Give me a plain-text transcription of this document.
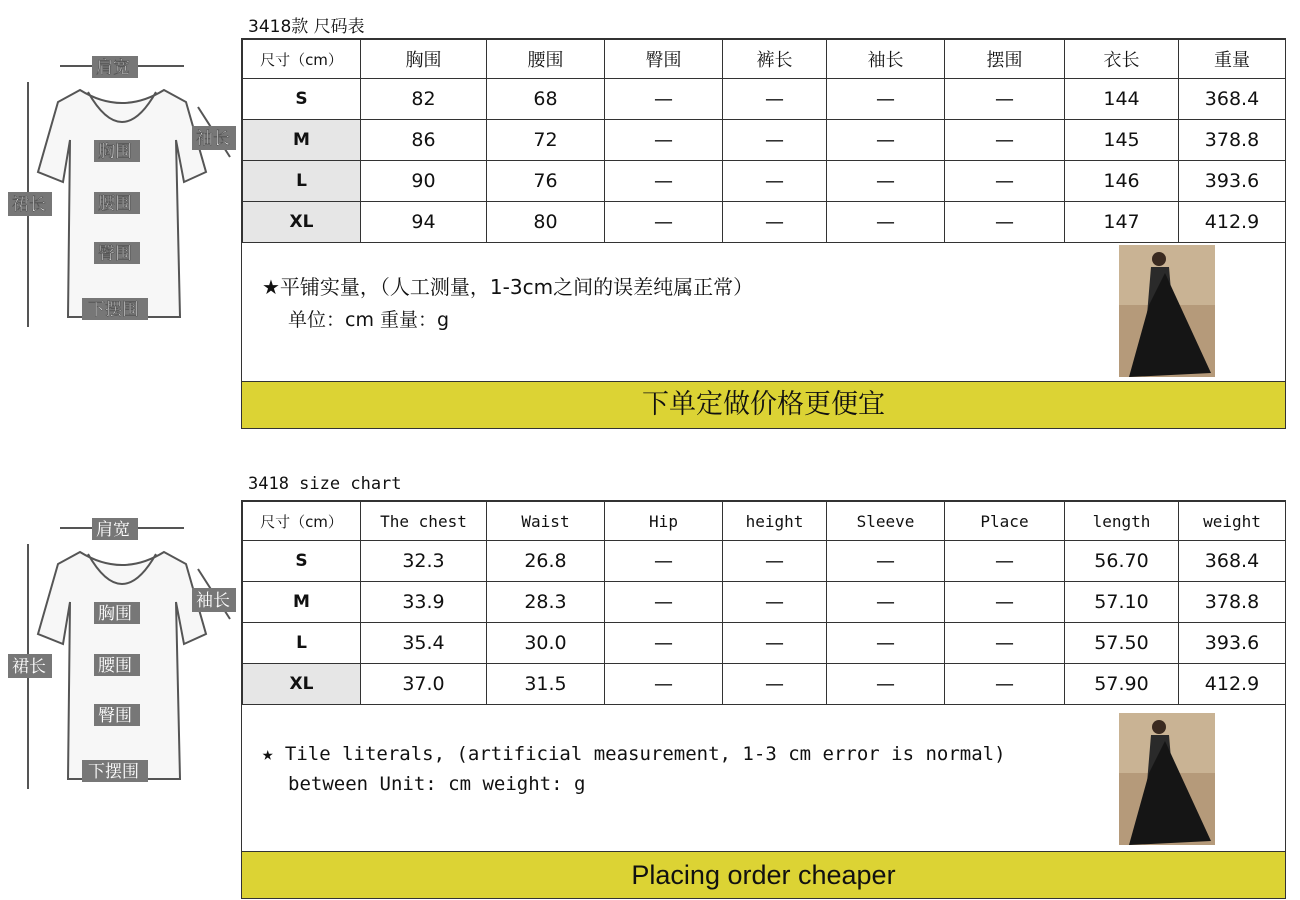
肩宽
袖长
胸围
腰围
臀围
下摆围
裙长
3418款 尺码表
尺寸（cm）	胸围	腰围	臀围	裤长	袖长	摆围	衣长	重量
S	82	68	—	—	—	—	144	368.4
M	86	72	—	—	—	—	145	378.8
L	90	76	—	—	—	—	146	393.6
XL	94	80	—	—	—	—	147	412.9
★平铺实量，（人工测量，1-3cm之间的误差纯属正常）
单位：cm 重量：g
下单定做价格更便宜
肩宽
袖长
胸围
腰围
臀围
下摆围
裙长
3418 size chart
尺寸（cm）	The chest	Waist	Hip	height	Sleeve	Place	length	weight
S	32.3	26.8	—	—	—	—	56.70	368.4
M	33.9	28.3	—	—	—	—	57.10	378.8
L	35.4	30.0	—	—	—	—	57.50	393.6
XL	37.0	31.5	—	—	—	—	57.90	412.9
★ Tile literals, (artificial measurement, 1-3 cm error is normal)
between Unit: cm weight: g
Placing order cheaper
